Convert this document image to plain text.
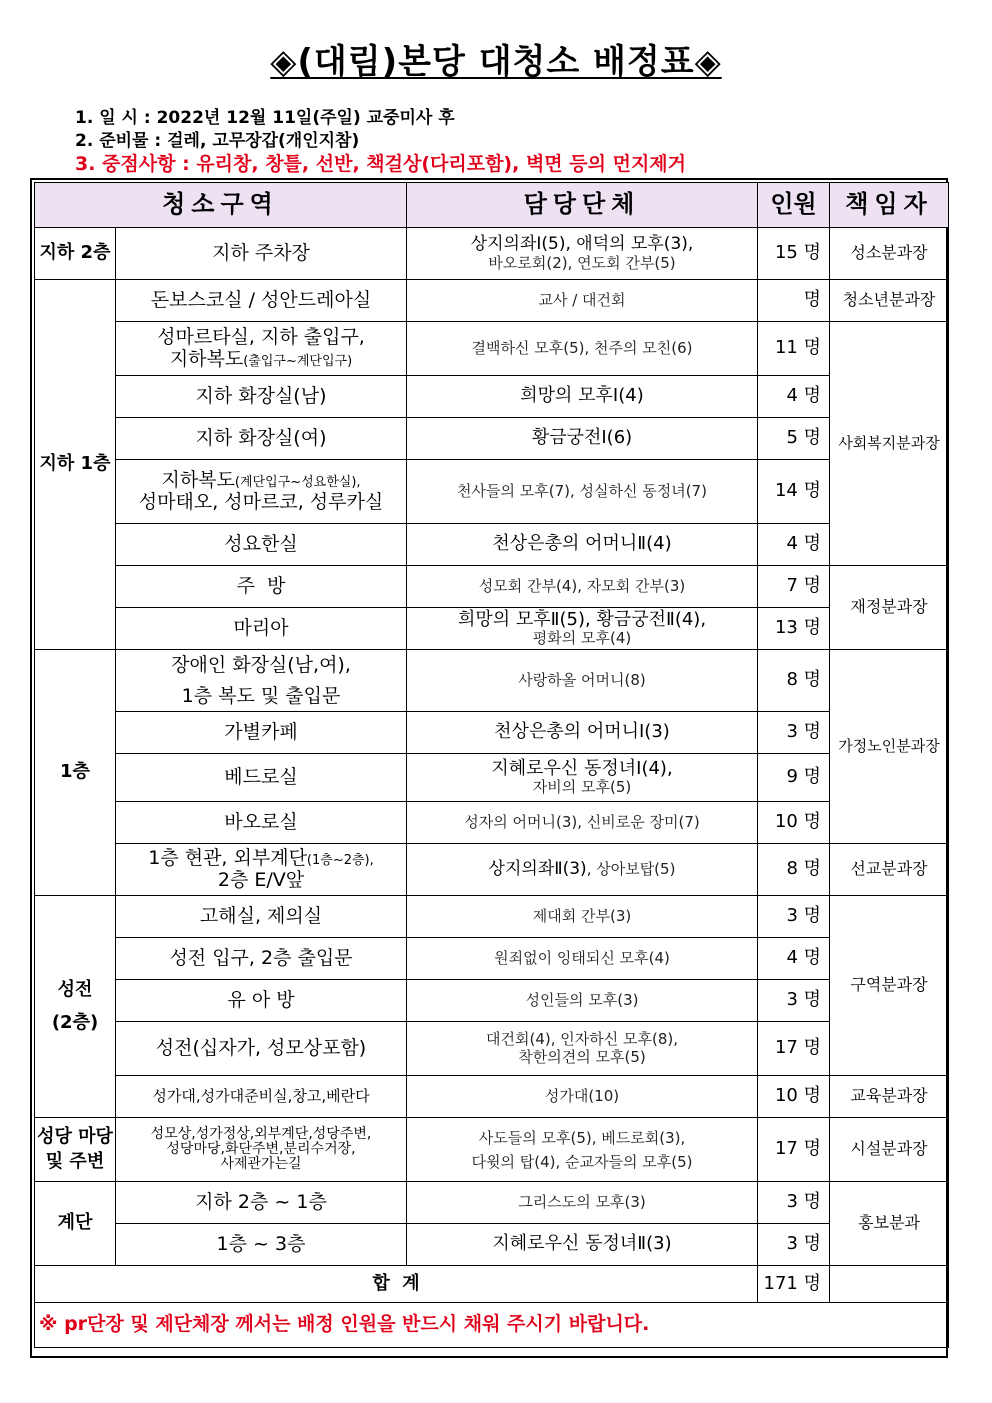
◈(대림)본당 대청소 배정표◈
1. 일 시 : 2022년 12월 11일(주일) 교중미사 후
2. 준비물 : 걸레, 고무장갑(개인지참)
3. 중점사항 : 유리창, 창틀, 선반, 책걸상(다리포함), 벽면 등의 먼지제거
청소구역		담당단체	인원	책임자
지하 2층	지하 주차장	상지의좌Ⅰ(5), 애덕의 모후(3),
바오로회(2), 연도회 간부(5)	15 명	성소분과장
지하 1층	돈보스코실 / 성안드레아실	교사 / 대건회	명	청소년분과장
	성마르타실, 지하 출입구,
지하복도(출입구~계단입구)	결백하신 모후(5), 천주의 모친(6)	11 명	사회복지분과장
	지하 화장실(남)	희망의 모후Ⅰ(4)	4 명	
	지하 화장실(여)	황금궁전Ⅰ(6)	5 명	
	지하복도(계단입구~성요한실),
성마태오, 성마르코, 성루카실	천사들의 모후(7), 성실하신 동정녀(7)	14 명	
	성요한실	천상은총의 어머니Ⅱ(4)	4 명	
	주  방	성모회 간부(4), 자모회 간부(3)	7 명	재정분과장
	마리아	희망의 모후Ⅱ(5), 황금궁전Ⅱ(4),
평화의 모후(4)	13 명	
1층	장애인 화장실(남,여),
1층 복도 및 출입문	사랑하올 어머니(8)	8 명	가정노인분과장
	가별카페	천상은총의 어머니Ⅰ(3)	3 명	
	베드로실	지혜로우신 동정녀Ⅰ(4),
자비의 모후(5)	9 명	
	바오로실	성자의 어머니(3), 신비로운 장미(7)	10 명	
	1층 현관, 외부계단(1층~2층),
2층 E/V앞	상지의좌Ⅱ(3), 상아보탑(5)	8 명	선교분과장
성전
(2층)	고해실, 제의실	제대회 간부(3)	3 명	구역분과장
	성전 입구, 2층 출입문	원죄없이 잉태되신 모후(4)	4 명	
	유 아 방	성인들의 모후(3)	3 명	
	성전(십자가, 성모상포함)	대건회(4), 인자하신 모후(8),
착한의견의 모후(5)	17 명	
	성가대,성가대준비실,창고,베란다	성가대(10)	10 명	교육분과장
성당 마당
및 주변	성모상,성가정상,외부계단,성당주변,
성당마당,화단주변,분리수거장,
사제관가는길	사도들의 모후(5), 베드로회(3),
다윗의 탑(4), 순교자들의 모후(5)	17 명	시설분과장
계단	지하 2층 ~ 1층	그리스도의 모후(3)	3 명	홍보분과
	1층 ~ 3층	지혜로우신 동정녀Ⅱ(3)	3 명	
합  계			171 명	
※ pr단장 및 제단체장 께서는 배정 인원을 반드시 채워 주시기 바랍니다.				
